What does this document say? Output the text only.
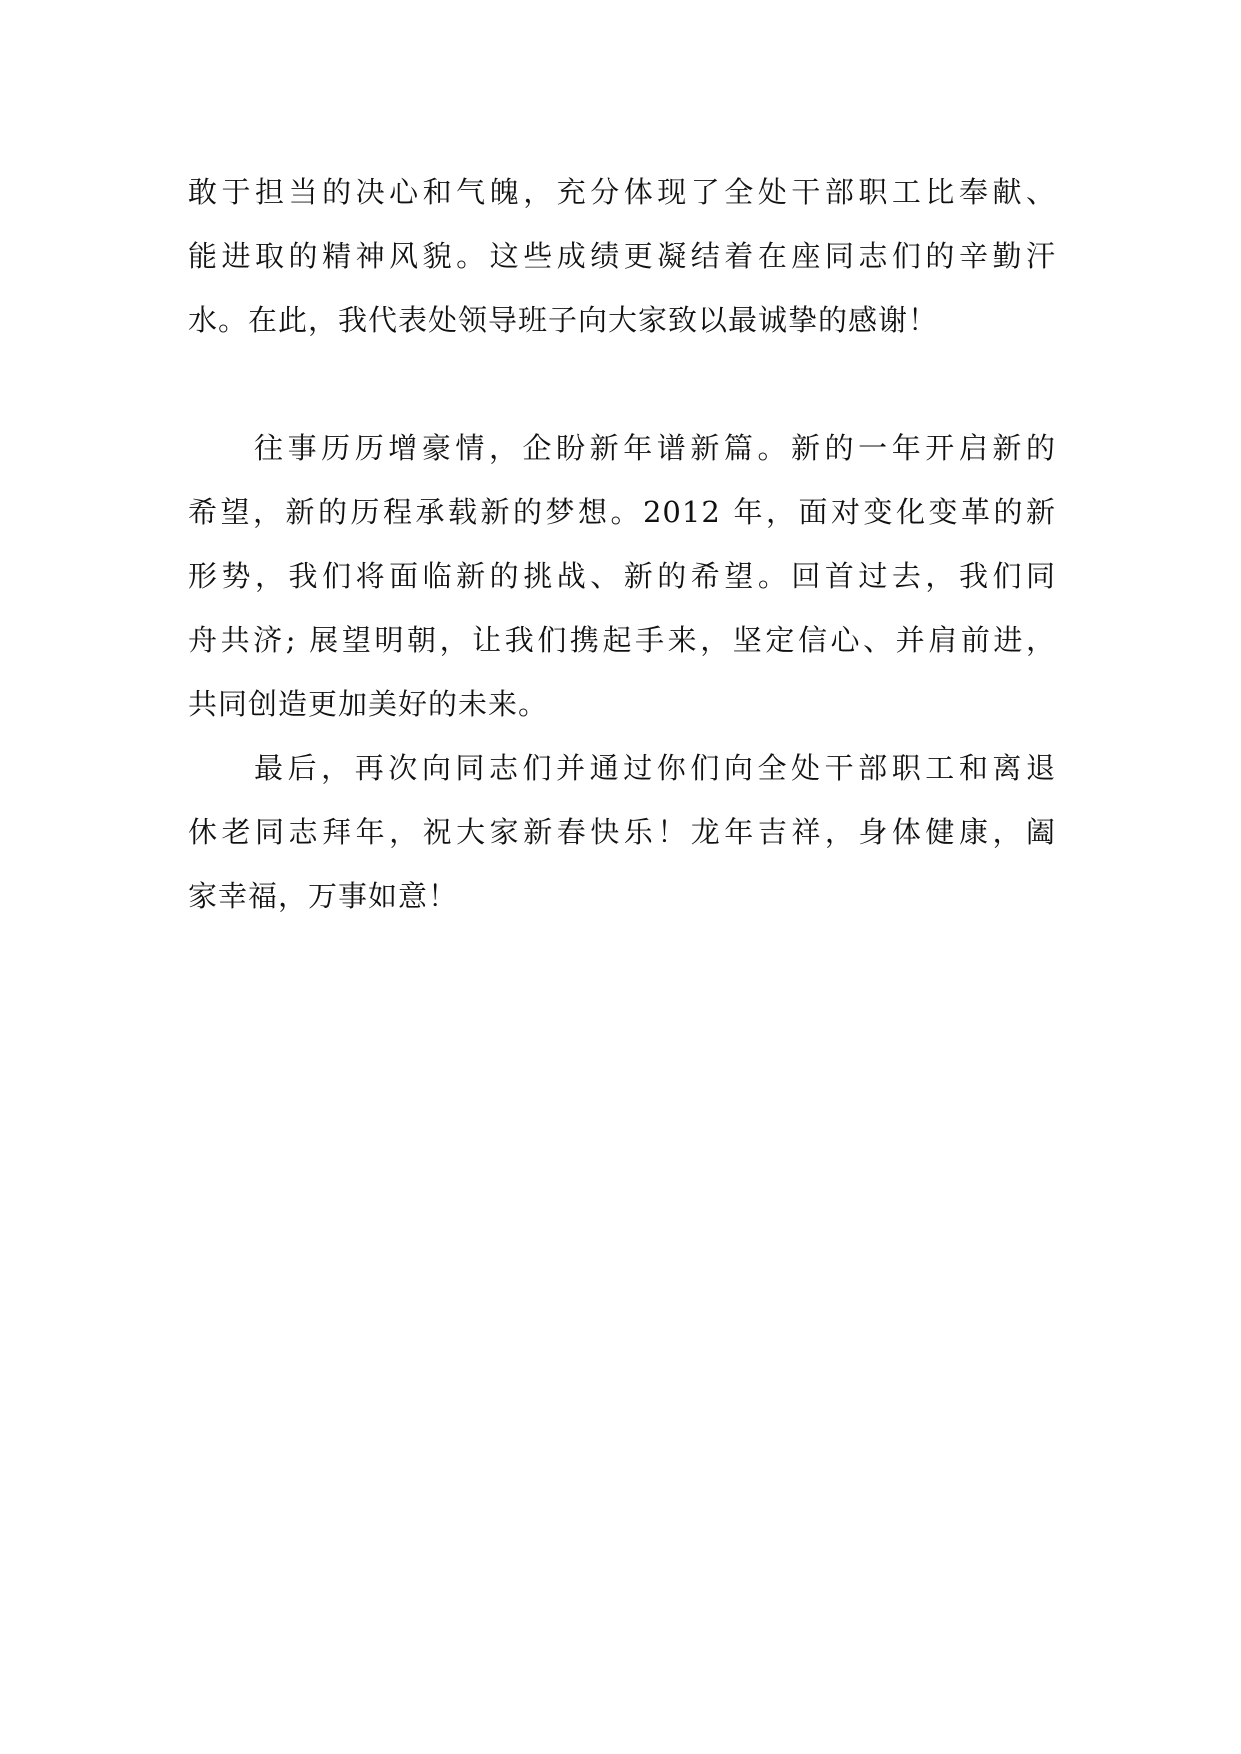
敢于担当的决心和气魄，充分体现了全处干部职工比奉献、
能进取的精神风貌。这些成绩更凝结着在座同志们的辛勤汗
水。在此，我代表处领导班子向大家致以最诚挚的感谢！
往事历历增豪情，企盼新年谱新篇。新的一年开启新的
希望，新的历程承载新的梦想。2012 年，面对变化变革的新
形势，我们将面临新的挑战、新的希望。回首过去，我们同
舟共济; 展望明朝，让我们携起手来，坚定信心、并肩前进，
共同创造更加美好的未来。
最后，再次向同志们并通过你们向全处干部职工和离退
休老同志拜年，祝大家新春快乐！龙年吉祥，身体健康，阖
家幸福，万事如意！
